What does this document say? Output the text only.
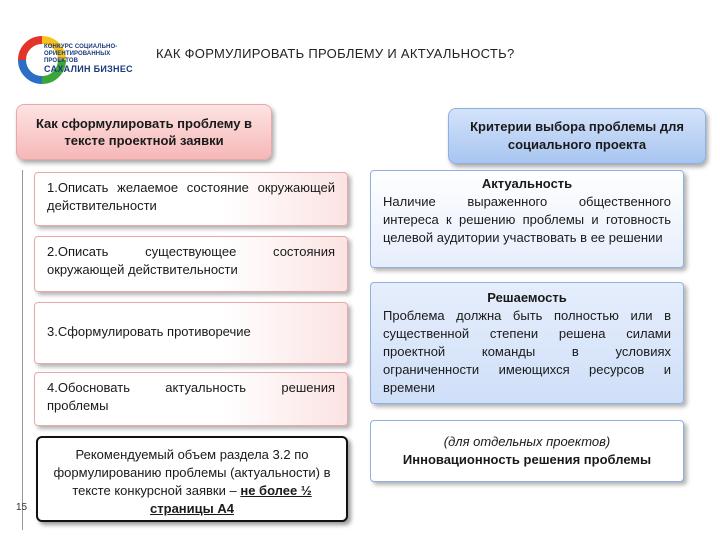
КОНКУРС СОЦИАЛЬНО-ОРИЕНТИРОВАННЫХ ПРОЕКТОВ
САХАЛИН БИЗНЕС
КАК ФОРМУЛИРОВАТЬ ПРОБЛЕМУ И АКТУАЛЬНОСТЬ?
Как сформулировать проблему в тексте проектной заявки
1.Описать желаемое состояние окружающей действительности
2.Описать существующее состояния окружающей действительности
3.Сформулировать противоречие
4.Обосновать актуальность решения проблемы
Рекомендуемый объем раздела 3.2 по формулированию проблемы (актуальности) в тексте конкурсной заявки – не более ½ страницы А4
15
Критерии выбора проблемы для социального проекта
Актуальность
Наличие выраженного общественного интереса к решению проблемы и готовность целевой аудитории участвовать в ее решении
Решаемость
Проблема должна быть полностью или в существенной степени решена силами проектной команды в условиях ограниченности имеющихся ресурсов и времени
(для отдельных проектов)
Инновационность решения проблемы
